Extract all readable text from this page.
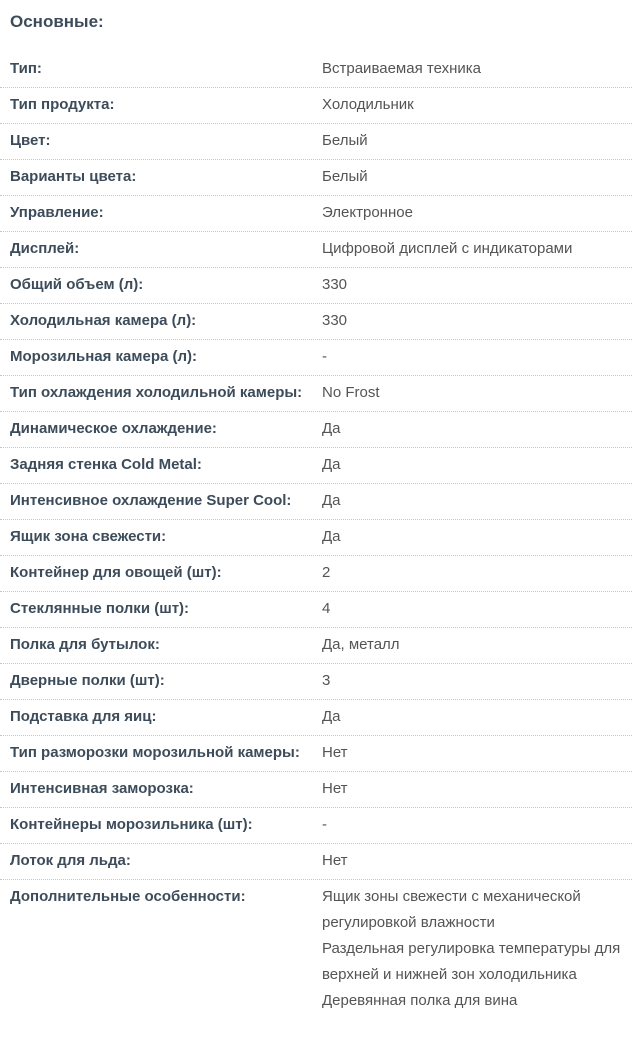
Основные:
Тип:	Встраиваемая техника
Тип продукта:	Холодильник
Цвет:	Белый
Варианты цвета:	Белый
Управление:	Электронное
Дисплей:	Цифровой дисплей с индикаторами
Общий объем (л):	330
Холодильная камера (л):	330
Морозильная камера (л):	-
Тип охлаждения холодильной камеры:	No Frost
Динамическое охлаждение:	Да
Задняя стенка Cold Metal:	Да
Интенсивное охлаждение Super Cool:	Да
Ящик зона свежести:	Да
Контейнер для овощей (шт):	2
Стеклянные полки (шт):	4
Полка для бутылок:	Да, металл
Дверные полки (шт):	3
Подставка для яиц:	Да
Тип разморозки морозильной камеры:	Нет
Интенсивная заморозка:	Нет
Контейнеры морозильника (шт):	-
Лоток для льда:	Нет
Дополнительные особенности:	Ящик зоны свежести с механической регулировкой влажности
Раздельная регулировка температуры для верхней и нижней зон холодильника
Деревянная полка для вина
